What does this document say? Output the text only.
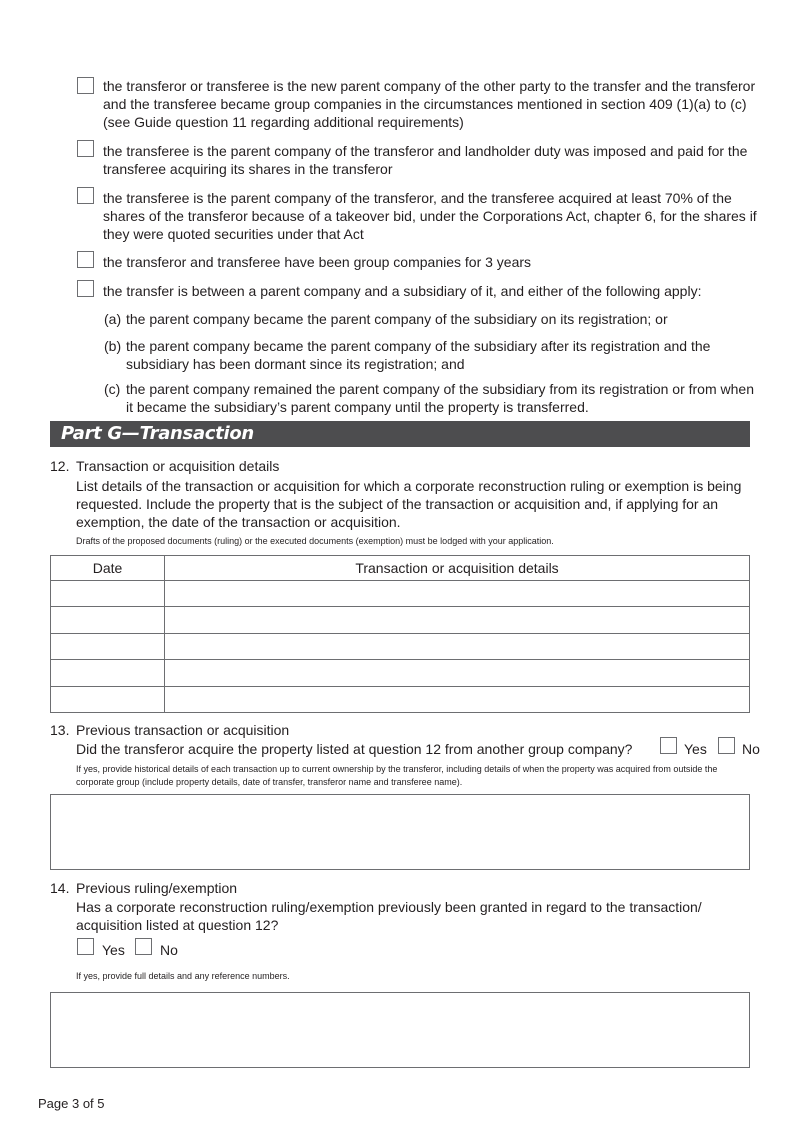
the transferor or transferee is the new parent company of the other party to the transfer and the transferor and the transferee became group companies in the circumstances mentioned in section 409 (1)(a) to (c) (see Guide question 11 regarding additional requirements)
the transferee is the parent company of the transferor and landholder duty was imposed and paid for the transferee acquiring its shares in the transferor
the transferee is the parent company of the transferor, and the transferee acquired at least 70% of the shares of the transferor because of a takeover bid, under the Corporations Act, chapter 6, for the shares if they were quoted securities under that Act
the transferor and transferee have been group companies for 3 years
the transfer is between a parent company and a subsidiary of it, and either of the following apply:
(a) the parent company became the parent company of the subsidiary on its registration; or
(b) the parent company became the parent company of the subsidiary after its registration and the subsidiary has been dormant since its registration; and
(c) the parent company remained the parent company of the subsidiary from its registration or from when it became the subsidiary’s parent company until the property is transferred.
Part G—Transaction
12. Transaction or acquisition details
List details of the transaction or acquisition for which a corporate reconstruction ruling or exemption is being requested. Include the property that is the subject of the transaction or acquisition and, if applying for an exemption, the date of the transaction or acquisition.
Drafts of the proposed documents (ruling) or the executed documents (exemption) must be lodged with your application.
Date	Transaction or acquisition details
13. Previous transaction or acquisition
Did the transferor acquire the property listed at question 12 from another group company?	Yes	No
If yes, provide historical details of each transaction up to current ownership by the transferor, including details of when the property was acquired from outside the corporate group (include property details, date of transfer, transferor name and transferee name).
14. Previous ruling/exemption
Has a corporate reconstruction ruling/exemption previously been granted in regard to the transaction/ acquisition listed at question 12?
Yes	No
If yes, provide full details and any reference numbers.
Page 3 of 5
